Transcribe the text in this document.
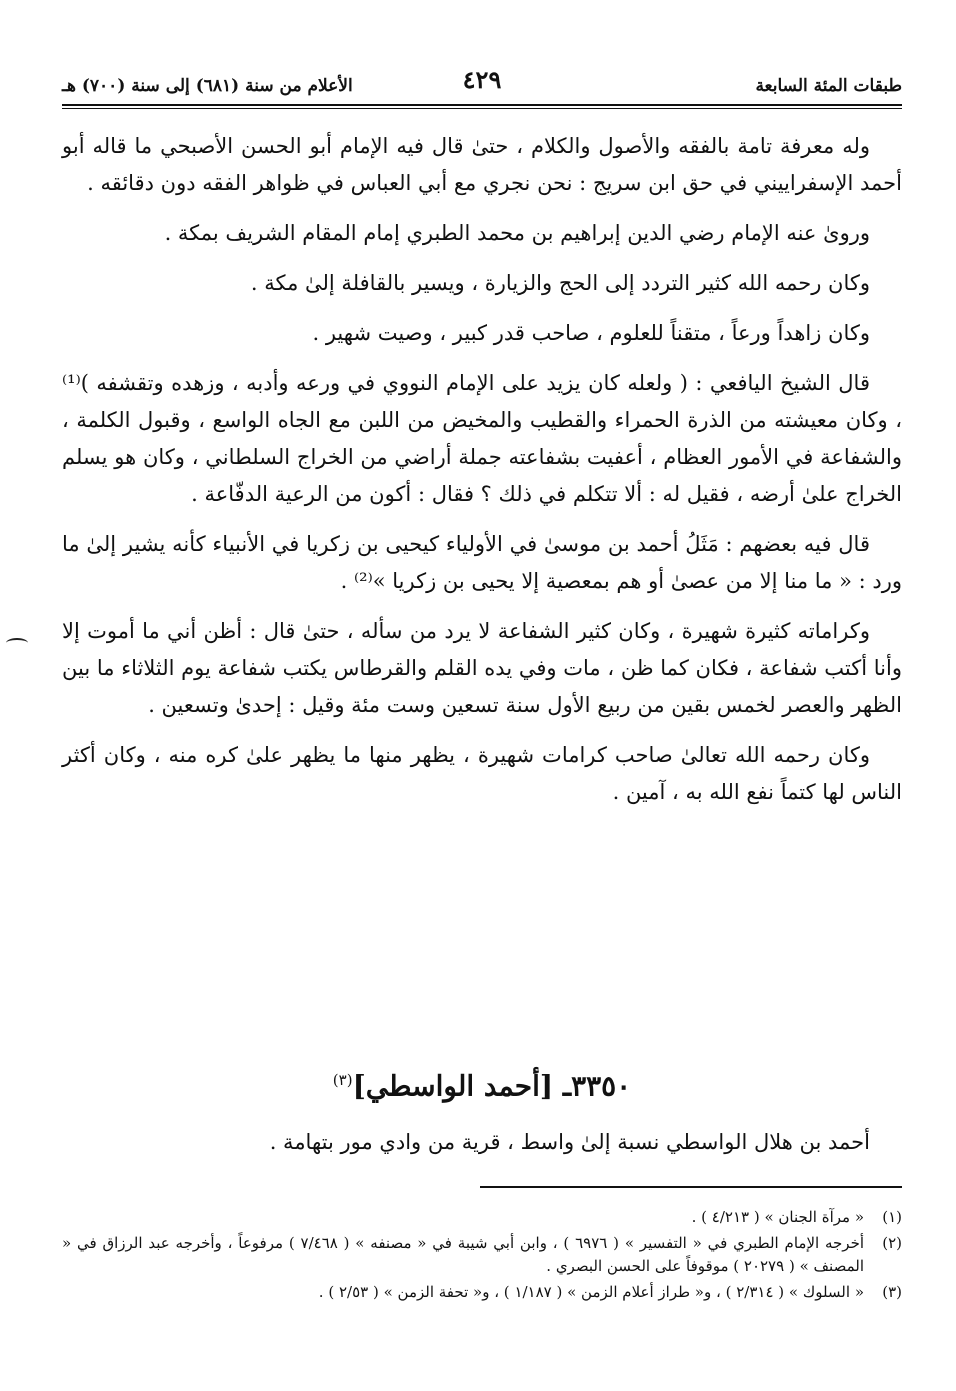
طبقات المئة السابعة
٤٢٩
الأعلام من سنة (٦٨١) إلى سنة (٧٠٠) هـ

وله معرفة تامة بالفقه والأصول والكلام ، حتىٰ قال فيه الإمام أبو الحسن الأصبحي ما قاله أبو أحمد الإسفراييني في حق ابن سريج : نحن نجري مع أبي العباس في ظواهر الفقه دون دقائقه .

وروىٰ عنه الإمام رضي الدين إبراهيم بن محمد الطبري إمام المقام الشريف بمكة .

وكان رحمه الله كثير التردد إلى الحج والزيارة ، ويسير بالقافلة إلىٰ مكة .

وكان زاهداً ورعاً ، متقناً للعلوم ، صاحب قدر كبير ، وصيت شهير .

قال الشيخ اليافعي : ( ولعله كان يزيد على الإمام النووي في ورعه وأدبه ، وزهده وتقشفه )⁽¹⁾ ، وكان معيشته من الذرة الحمراء والقطيب والمخيض من اللبن مع الجاه الواسع ، وقبول الكلمة ، والشفاعة في الأمور العظام ، أعفيت بشفاعته جملة أراضي من الخراج السلطاني ، وكان هو يسلم الخراج علىٰ أرضه ، فقيل له : ألا تتكلم في ذلك ؟ فقال : أكون من الرعية الدفّاعة .

قال فيه بعضهم : مَثَلُ أحمد بن موسىٰ في الأولياء كيحيى بن زكريا في الأنبياء كأنه يشير إلىٰ ما ورد : « ما منا إلا من عصىٰ أو هم بمعصية إلا يحيى بن زكريا »⁽²⁾ .

وكراماته كثيرة شهيرة ، وكان كثير الشفاعة لا يرد من سأله ، حتىٰ قال : أظن أني ما أموت إلا وأنا أكتب شفاعة ، فكان كما ظن ، مات وفي يده القلم والقرطاس يكتب شفاعة يوم الثلاثاء ما بين الظهر والعصر لخمس بقين من ربيع الأول سنة تسعين وست مئة وقيل : إحدىٰ وتسعين .

وكان رحمه الله تعالىٰ صاحب كرامات شهيرة ، يظهر منها ما يظهر علىٰ كره منه ، وكان أكثر الناس لها كتماً نفع الله به ، آمين .

٣٣٥٠ـ [أحمد الواسطي]$^{(٣)}$
أحمد بن هلال الواسطي نسبة إلىٰ واسط ، قرية من وادي مور بتهامة .
(١)
« مرآة الجنان » ( ٤/٢١٣ ) .
(٢)
أخرجه الإمام الطبري في « التفسير » ( ٦٩٧٦ ) ، وابن أبي شيبة في « مصنفه » ( ٧/٤٦٨ ) مرفوعاً ، وأخرجه عبد الرزاق في « المصنف » ( ٢٠٢٧٩ ) موقوفاً على الحسن البصري .
(٣)
« السلوك » ( ٢/٣١٤ ) ، و« طراز أعلام الزمن » ( ١/١٨٧ ) ، و« تحفة الزمن » ( ٢/٥٣ ) .
